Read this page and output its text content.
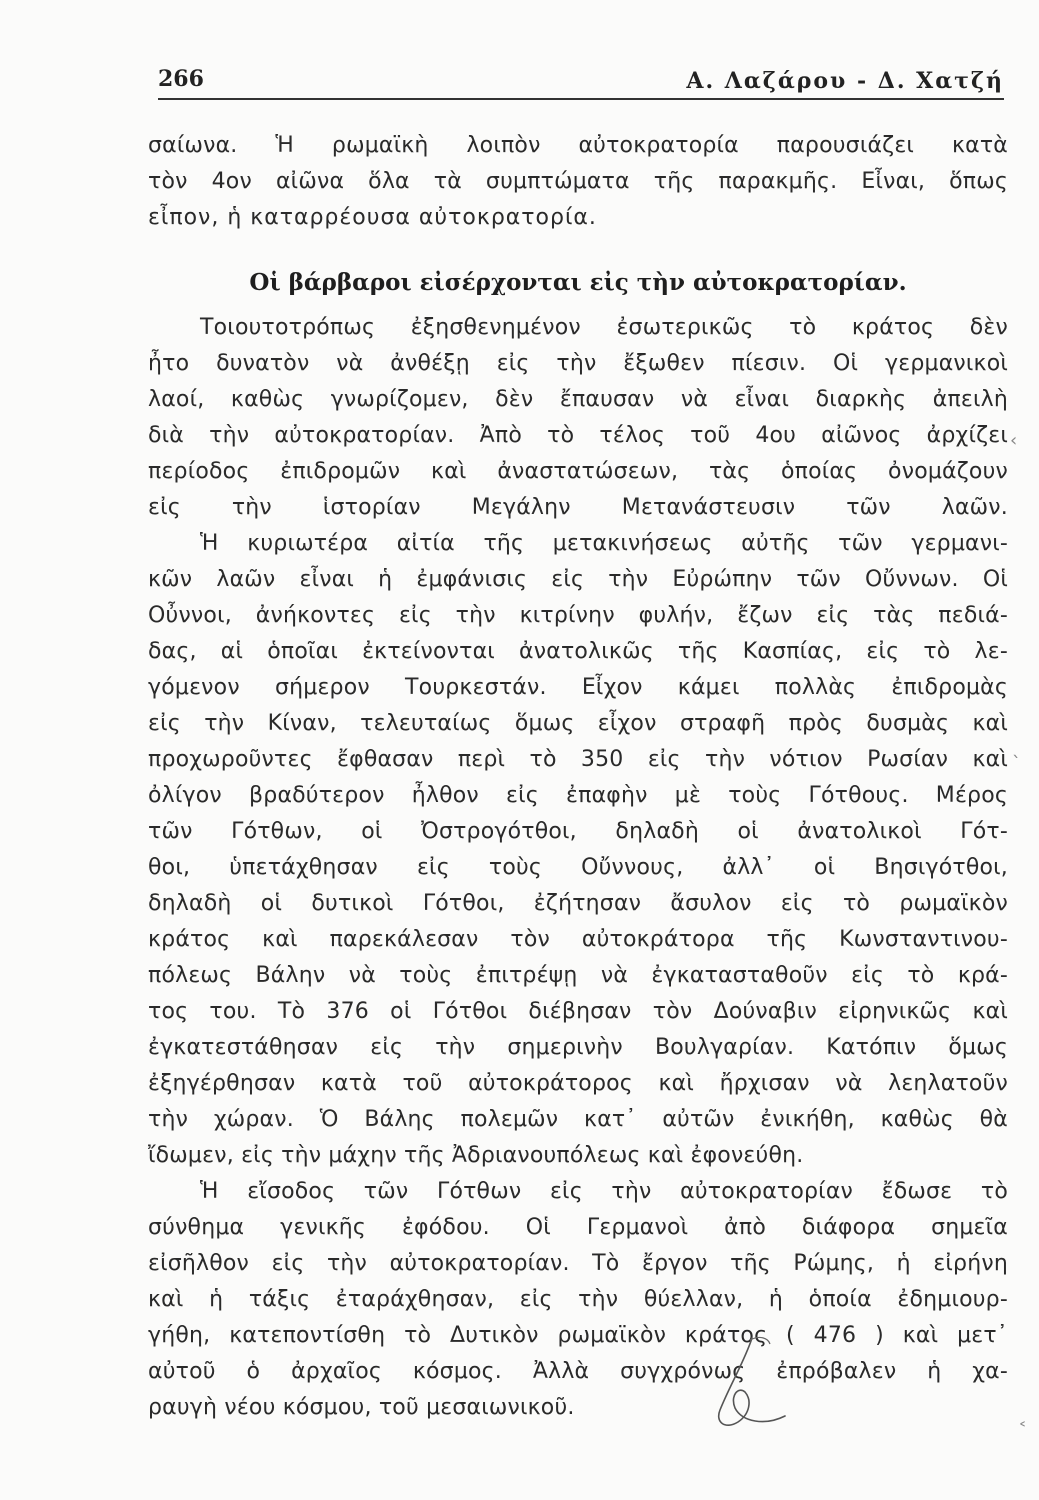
266	Α. Λαζάρου - Δ. Χατζή
σαίωνα. Ἡ ρωμαϊκὴ λοιπὸν αὐτοκρατορία παρουσιάζει κατὰ
τὸν 4ον αἰῶνα ὅλα τὰ συμπτώματα τῆς παρακμῆς. Εἶναι, ὅπως
εἶπον, ἡ καταρρέουσα αὐτοκρατορία.
Οἱ βάρβαροι εἰσέρχονται εἰς τὴν αὐτοκρατορίαν.
Τοιουτοτρόπως ἐξησθενημένον ἐσωτερικῶς τὸ κράτος δὲν
ἦτο δυνατὸν νὰ ἀνθέξῃ εἰς τὴν ἔξωθεν πίεσιν. Οἱ γερμανικοὶ
λαοί, καθὼς γνωρίζομεν, δὲν ἔπαυσαν νὰ εἶναι διαρκὴς ἀπειλὴ
διὰ τὴν αὐτοκρατορίαν. Ἀπὸ τὸ τέλος τοῦ 4ου αἰῶνος ἀρχίζει
περίοδος ἐπιδρομῶν καὶ ἀναστατώσεων, τὰς ὁποίας ὀνομάζουν
εἰς τὴν ἱστορίαν Μεγάλην Μετανάστευσιν τῶν λαῶν.
Ἡ κυριωτέρα αἰτία τῆς μετακινήσεως αὐτῆς τῶν γερμανι-
κῶν λαῶν εἶναι ἡ ἐμφάνισις εἰς τὴν Εὐρώπην τῶν Οὔννων. Οἱ
Οὖννοι, ἀνήκοντες εἰς τὴν κιτρίνην φυλήν, ἔζων εἰς τὰς πεδιά-
δας, αἱ ὁποῖαι ἐκτείνονται ἀνατολικῶς τῆς Κασπίας, εἰς τὸ λε-
γόμενον σήμερον Τουρκεστάν. Εἶχον κάμει πολλὰς ἐπιδρομὰς
εἰς τὴν Κίναν, τελευταίως ὅμως εἶχον στραφῆ πρὸς δυσμὰς καὶ
προχωροῦντες ἔφθασαν περὶ τὸ 350 εἰς τὴν νότιον Ρωσίαν καὶ
ὀλίγον βραδύτερον ἦλθον εἰς ἐπαφὴν μὲ τοὺς Γότθους. Μέρος
τῶν Γότθων, οἱ Ὀστρογότθοι, δηλαδὴ οἱ ἀνατολικοὶ Γότ-
θοι, ὑπετάχθησαν εἰς τοὺς Οὔννους, ἀλλ᾽ οἱ Βησιγότθοι,
δηλαδὴ οἱ δυτικοὶ Γότθοι, ἐζήτησαν ἄσυλον εἰς τὸ ρωμαϊκὸν
κράτος καὶ παρεκάλεσαν τὸν αὐτοκράτορα τῆς Κωνσταντινου-
πόλεως Βάλην νὰ τοὺς ἐπιτρέψῃ νὰ ἐγκατασταθοῦν εἰς τὸ κρά-
τος του. Τὸ 376 οἱ Γότθοι διέβησαν τὸν Δούναβιν εἰρηνικῶς καὶ
ἐγκατεστάθησαν εἰς τὴν σημερινὴν Βουλγαρίαν. Κατόπιν ὅμως
ἐξηγέρθησαν κατὰ τοῦ αὐτοκράτορος καὶ ἤρχισαν νὰ λεηλατοῦν
τὴν χώραν. Ὁ Βάλης πολεμῶν κατ᾽ αὐτῶν ἐνικήθη, καθὼς θὰ
ἴδωμεν, εἰς τὴν μάχην τῆς Ἀδριανουπόλεως καὶ ἐφονεύθη.
Ἡ εἴσοδος τῶν Γότθων εἰς τὴν αὐτοκρατορίαν ἔδωσε τὸ
σύνθημα γενικῆς ἐφόδου. Οἱ Γερμανοὶ ἀπὸ διάφορα σημεῖα
εἰσῆλθον εἰς τὴν αὐτοκρατορίαν. Τὸ ἔργον τῆς Ρώμης, ἡ εἰρήνη
καὶ ἡ τάξις ἐταράχθησαν, εἰς τὴν θύελλαν, ἡ ὁποία ἐδημιουρ-
γήθη, κατεποντίσθη τὸ Δυτικὸν ρωμαϊκὸν κράτος ( 476 ) καὶ μετ᾽
αὐτοῦ ὁ ἀρχαῖος κόσμος. Ἀλλὰ συγχρόνως ἐπρόβαλεν ἡ χα-
ραυγὴ νέου κόσμου, τοῦ μεσαιωνικοῦ.
‹
ˎ
˂
